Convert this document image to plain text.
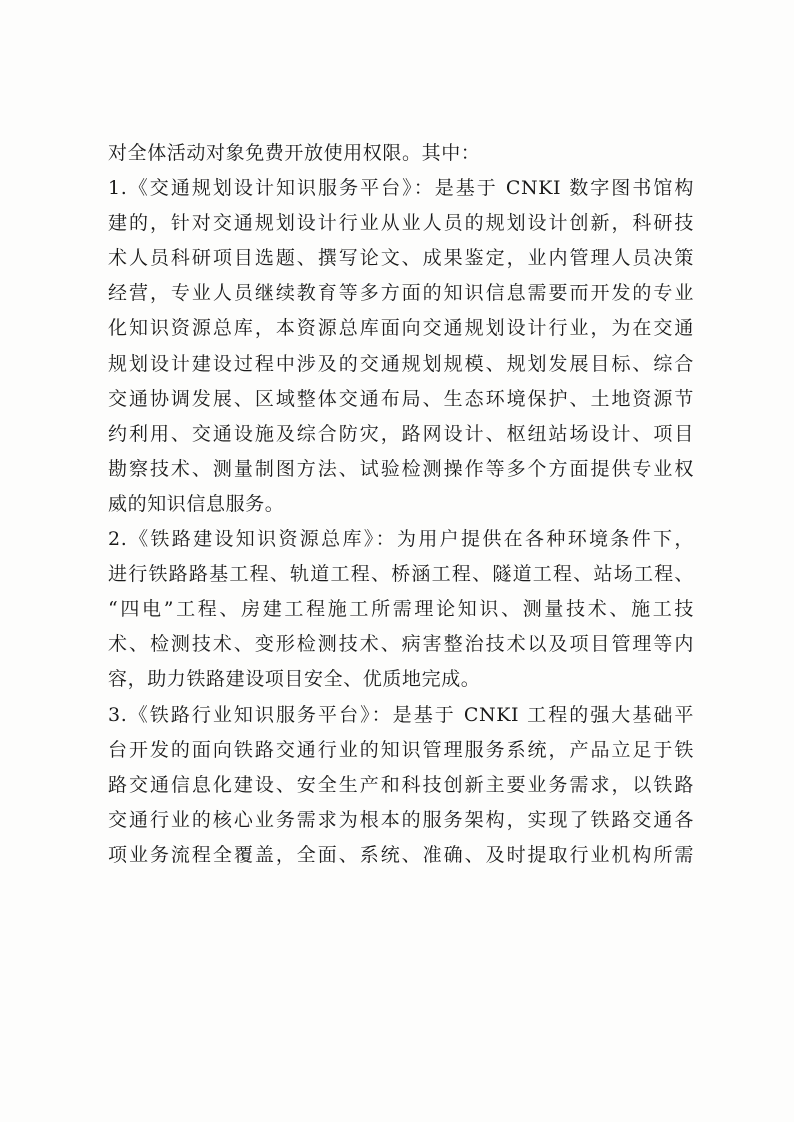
对全体活动对象免费开放使用权限。其中：
1.《交通规划设计知识服务平台》：是基于 CNKI 数字图书馆构
建的，针对交通规划设计行业从业人员的规划设计创新，科研技
术人员科研项目选题、撰写论文、成果鉴定，业内管理人员决策
经营，专业人员继续教育等多方面的知识信息需要而开发的专业
化知识资源总库，本资源总库面向交通规划设计行业，为在交通
规划设计建设过程中涉及的交通规划规模、规划发展目标、综合
交通协调发展、区域整体交通布局、生态环境保护、土地资源节
约利用、交通设施及综合防灾，路网设计、枢纽站场设计、项目
勘察技术、测量制图方法、试验检测操作等多个方面提供专业权
威的知识信息服务。
2.《铁路建设知识资源总库》：为用户提供在各种环境条件下，
进行铁路路基工程、轨道工程、桥涵工程、隧道工程、站场工程、
“四电”工程、房建工程施工所需理论知识、测量技术、施工技
术、检测技术、变形检测技术、病害整治技术以及项目管理等内
容，助力铁路建设项目安全、优质地完成。
3.《铁路行业知识服务平台》：是基于 CNKI 工程的强大基础平
台开发的面向铁路交通行业的知识管理服务系统，产品立足于铁
路交通信息化建设、安全生产和科技创新主要业务需求，以铁路
交通行业的核心业务需求为根本的服务架构，实现了铁路交通各
项业务流程全覆盖，全面、系统、准确、及时提取行业机构所需
